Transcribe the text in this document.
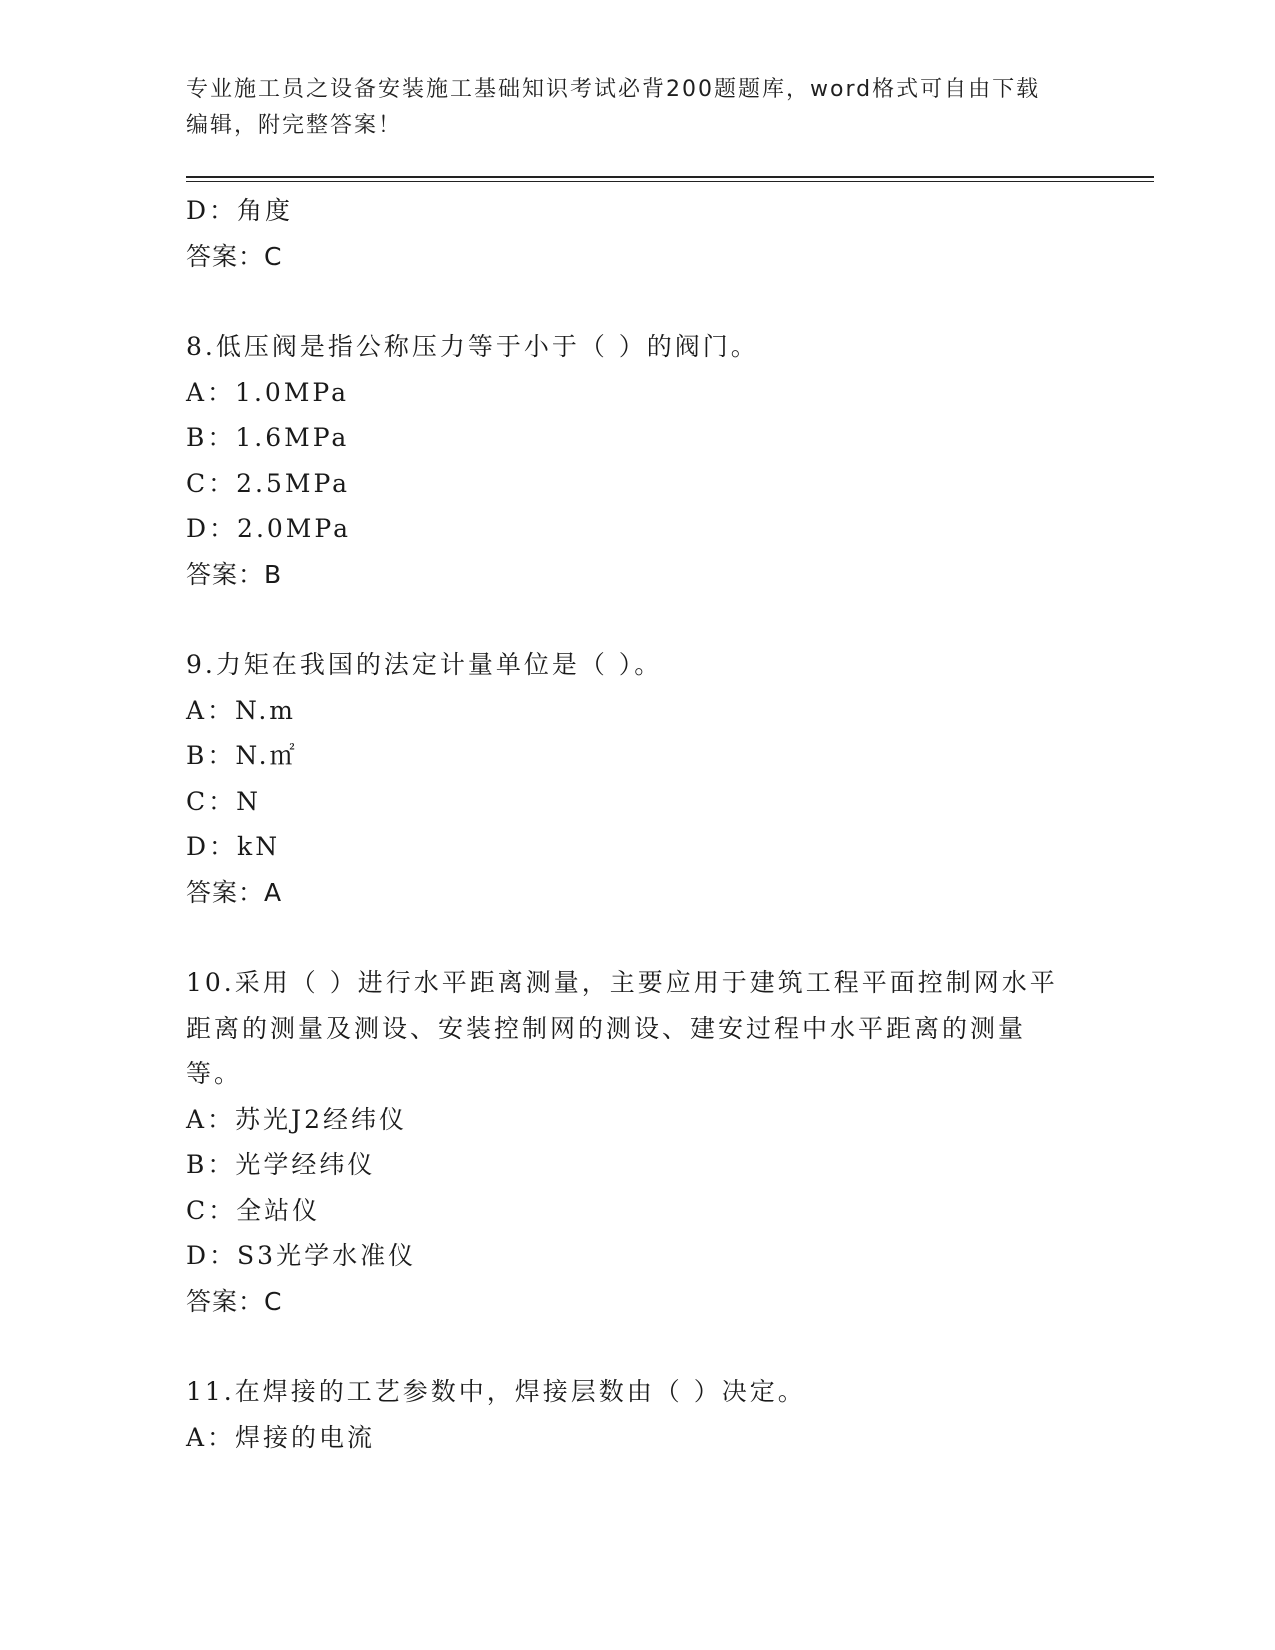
专业施工员之设备安装施工基础知识考试必背200题题库，word格式可自由下载
编辑，附完整答案！
D：角度
答案：C
8.低压阀是指公称压力等于小于（ ）的阀门。
A：1.0MPa
B：1.6MPa
C：2.5MPa
D：2.0MPa
答案：B
9.力矩在我国的法定计量单位是（ ）。
A：N.m
B：N.㎡
C：N
D：kN
答案：A
10.采用（ ）进行水平距离测量，主要应用于建筑工程平面控制网水平距离的测量及测设、安装控制网的测设、建安过程中水平距离的测量等。
A：苏光J2经纬仪
B：光学经纬仪
C：全站仪
D：S3光学水准仪
答案：C
11.在焊接的工艺参数中，焊接层数由（ ）决定。
A：焊接的电流
